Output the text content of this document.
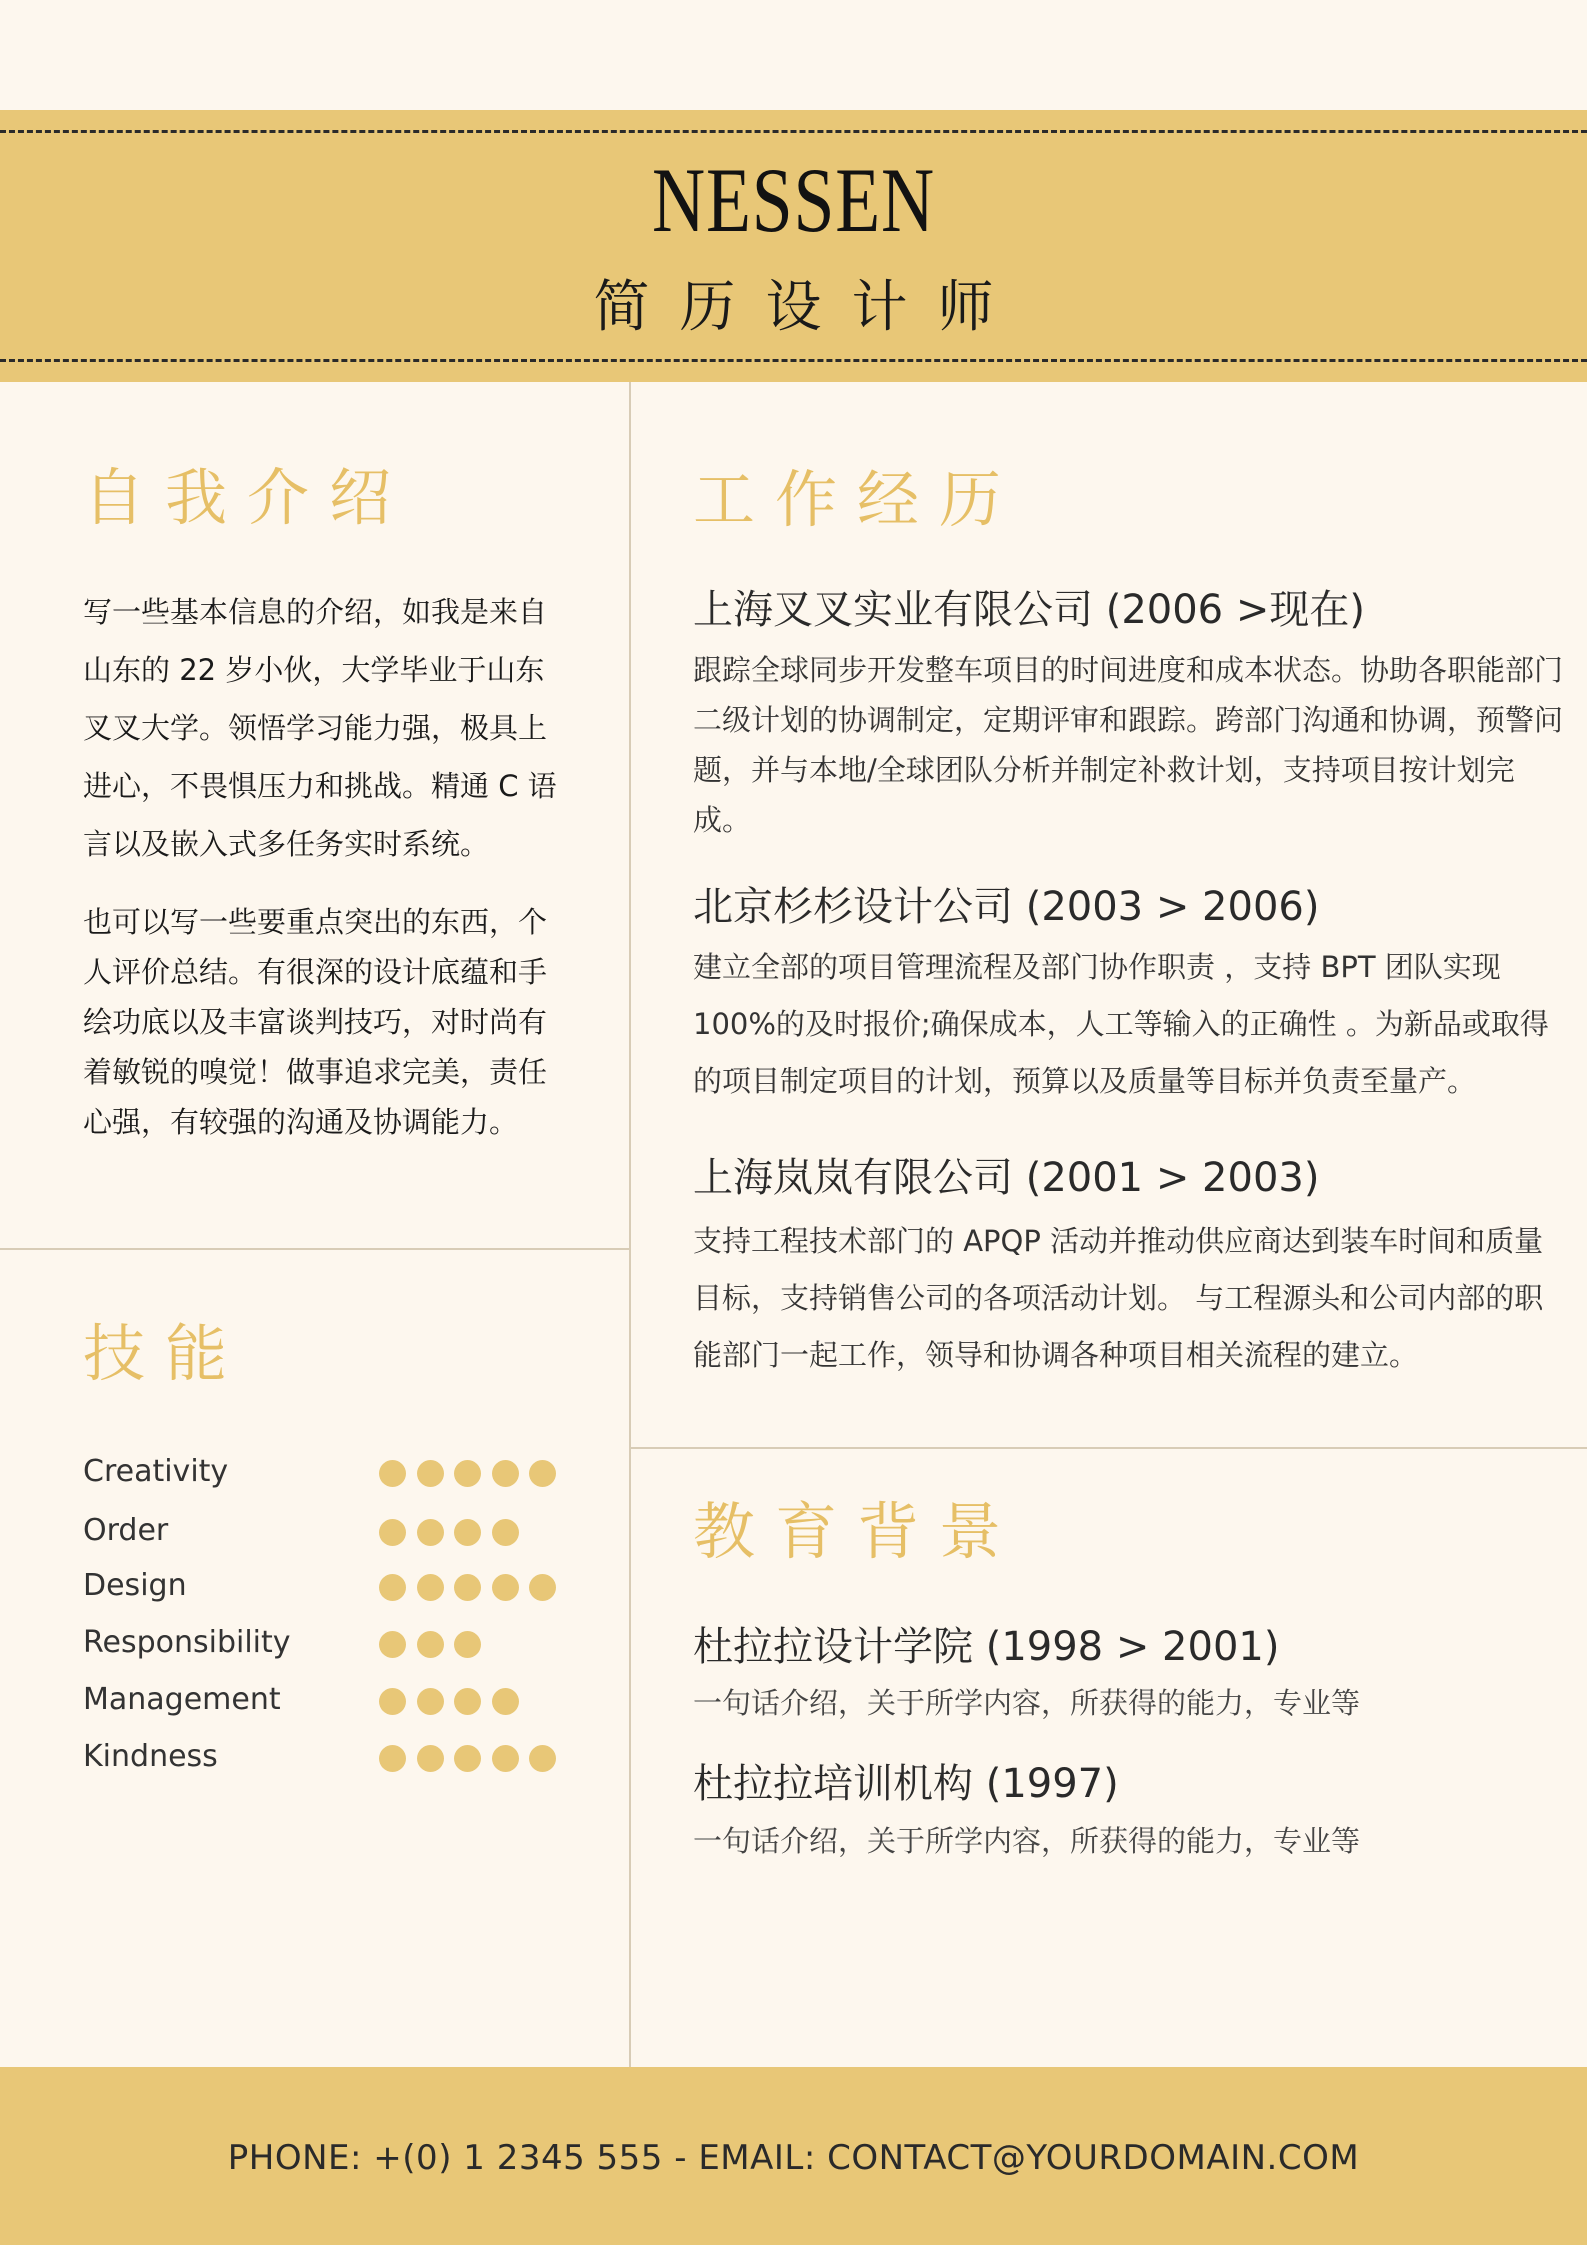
NESSEN
简历设计师
自我介绍

写一些基本信息的介绍，如我是来自山东的 22 岁小伙，大学毕业于山东叉叉大学。领悟学习能力强，极具上进心，不畏惧压力和挑战。精通 C 语言以及嵌入式多任务实时系统。

也可以写一些要重点突出的东西，个人评价总结。有很深的设计底蕴和手绘功底以及丰富谈判技巧，对时尚有着敏锐的嗅觉！做事追求完美，责任心强，有较强的沟通及协调能力。

技能
Creativity
Order
Design
Responsibility
Management
Kindness
工作经历
上海叉叉实业有限公司 (2006 >现在)

跟踪全球同步开发整车项目的时间进度和成本状态。协助各职能部门二级计划的协调制定，定期评审和跟踪。跨部门沟通和协调，预警问题，并与本地/全球团队分析并制定补救计划，支持项目按计划完成。

北京杉杉设计公司 (2003 > 2006)

建立全部的项目管理流程及部门协作职责 ，支持 BPT 团队实现 100%的及时报价;确保成本，人工等输入的正确性 。为新品或取得的项目制定项目的计划，预算以及质量等目标并负责至量产。

上海岚岚有限公司 (2001 > 2003)

支持工程技术部门的 APQP 活动并推动供应商达到装车时间和质量目标，支持销售公司的各项活动计划。 与工程源头和公司内部的职能部门一起工作，领导和协调各种项目相关流程的建立。

教育背景
杜拉拉设计学院 (1998 > 2001)

一句话介绍，关于所学内容，所获得的能力，专业等

杜拉拉培训机构 (1997)

一句话介绍，关于所学内容，所获得的能力，专业等

PHONE: +(0) 1 2345 555 - EMAIL: CONTACT@YOURDOMAIN.COM
